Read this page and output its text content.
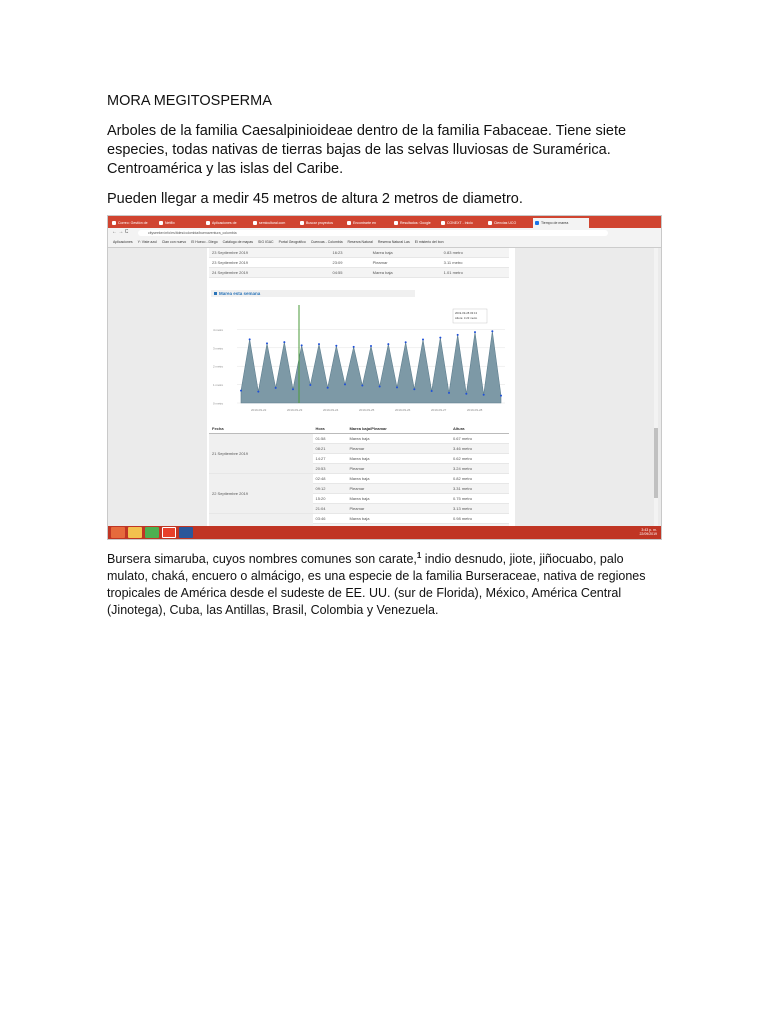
MORA MEGITOSPERMA

Arboles de la familia Caesalpinioideae dentro de la familia Fabaceae. Tiene siete especies, todas nativas de tierras bajas de las selvas lluviosas de Suramérica. Centroamérica y las islas del Caribe.

Pueden llegar a medir 45 metros de altura 2 metros de diametro.

Correo: Gestión de	Netflix	Aplicaciones de	semicultural.com	Buscar proyectos	Encontrarte en	Resultados: Google	CONEXT - Inicio	Ciencias UCO	Tiempo de marea
← → C	cityseeker.info/es/tides/colombia/buenaventura_colombia
Aplicaciones Y: Viste azul Clan con nuevo El Hueco - Diego Catálogo de mapas SIG IGAC Portal Geográfico Cuencas - Colombia Reserva Natural Reserva Natural Las El misterio del bon
23 Septiembre 2019	16:23	Marea baja	0.83 metro
23 Septiembre 2019	23:09	Pleamar	3.11 metro
24 Septiembre 2019	04:55	Marea baja	1.01 metro
Marea esta semana
0 metro
1 metro
2 metro
3 metro
4 metro
2019-09-22	2019-09-23	2019-09-24	2019-09-25	2019-09-26	2019-09-27	2019-09-28
2019-09-28 03:13
Altura: 3.23 metro
Fecha	Hora	Marea baja/Pleamar	Altura
21 Septiembre 2019	01:58	Marea baja	0.67 metro
	08:21	Pleamar	3.46 metro
	14:27	Marea baja	0.62 metro
	20:53	Pleamar	3.24 metro
22 Septiembre 2019	02:48	Marea baja	0.82 metro
	09:12	Pleamar	3.31 metro
	15:20	Marea baja	0.75 metro
	21:04	Pleamar	3.13 metro
	03:46	Marea baja	0.98 metro

3:43 p. m.
22/09/2019

Bursera simaruba, cuyos nombres comunes son carate,$^1$ indio desnudo, jiote, jiñocuabo, palo mulato, chaká, encuero o almácigo, es una especie de la familia Burseraceae, nativa de regiones tropicales de América desde el sudeste de EE. UU. (sur de Florida), México, América Central (Jinotega), Cuba, las Antillas, Brasil, Colombia y Venezuela.
